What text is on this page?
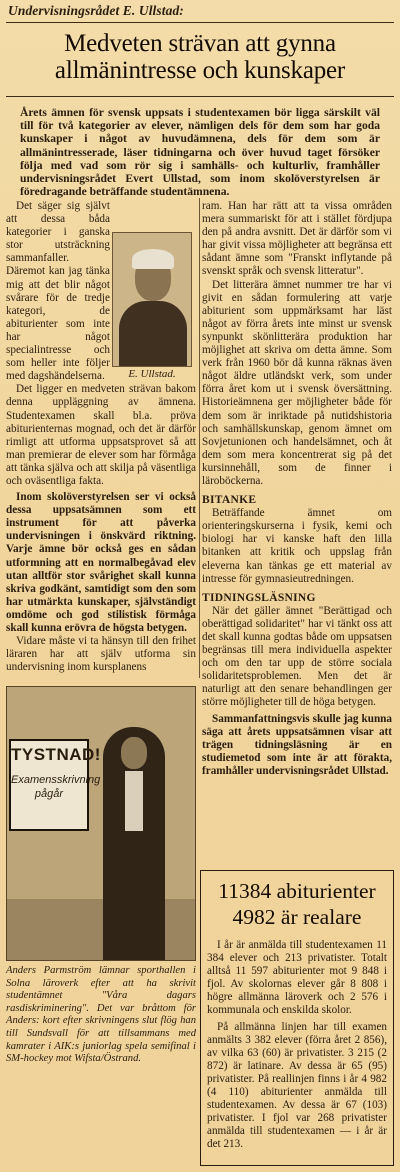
Undervisningsrådet E. Ullstad:
Medveten strävan att gynna
allmänintresse och kunskaper

Årets ämnen för svensk uppsats i studentexamen bör ligga särskilt väl till för två kategorier av elever, nämligen dels för dem som har goda kunskaper i något av huvudämnena, dels för dem som är allmänintresserade, läser tidningarna och över huvud taget försöker följa med vad som rör sig i samhälls- och kulturliv, framhåller undervisningsrådet Evert Ullstad, som inom skolöverstyrelsen är föredragande beträffande studentämnena.

Det säger sig självt att dessa båda kategorier i ganska stor utsträckning sammanfaller. Däremot kan jag tänka mig att det blir något svårare för de tredje kategori, de abiturienter som inte har något specialintresse och som heller inte följer med dagshändelserna.

Det ligger en medveten strävan bakom denna uppläggning av ämnena. Studentexamen skall bl.a. pröva abiturienternas mognad, och det är därför rimligt att utforma uppsatsprovet så att man premierar de elever som har förmåga att tänka själva och att skilja på väsentliga och oväsentliga fakta.

Inom skolöverstyrelsen ser vi också dessa uppsatsämnen som ett instrument för att påverka undervisningen i önskvärd riktning. Varje ämne bör också ges en sådan utformning att en normalbegåvad elev utan alltför stor svårighet skall kunna skriva godkänt, samtidigt som den som har utmärkta kunskaper, självständigt omdöme och god stilistisk förmåga skall kunna erövra de högsta betygen.

Vidare måste vi ta hänsyn till den frihet läraren har att själv utforma sin undervisning inom kursplanens

E. Ullstad.

ram. Han har rätt att ta vissa områden mera summariskt för att i stället fördjupa den på andra avsnitt. Det är därför som vi har givit vissa möjligheter att begränsa ett sådant ämne som "Franskt inflytande på svenskt språk och svensk litteratur".

Det litterära ämnet nummer tre har vi givit en sådan formulering att varje abiturient som uppmärksamt har läst något av förra årets inte minst ur svensk synpunkt skönlitterära produktion har möjlighet att skriva om detta ämne. Som verk från 1960 bör då kunna räknas även något äldre utländskt verk, som under förra året kom ut i svensk översättning. Historieämnena ger möjligheter både för dem som är inriktade på nutidshistoria och samhällskunskap, genom ämnet om Sovjetunionen och handelsämnet, och åt dem som mera koncentrerat sig på det kursinnehåll, som de finner i läroböckerna.

BITANKE

Beträffande ämnet om orienteringskurserna i fysik, kemi och biologi har vi kanske haft den lilla bitanken att kritik och uppslag från eleverna kan tänkas ge ett material av intresse för gymnasieutredningen.

TIDNINGSLÄSNING

När det gäller ämnet "Berättigad och oberättigad solidaritet" har vi tänkt oss att det skall kunna godtas både om uppsatsen begränsas till mera individuella aspekter och om den tar upp de större sociala solidaritetsproblemen. Men det är naturligt att den senare behandlingen ger större möjligheter till de höga betygen.

Sammanfattningsvis skulle jag kunna säga att årets uppsatsämnen visar att trägen tidningsläsning är en studiemetod som inte är att förakta, framhåller undervisningsrådet Ullstad.

TYSTNAD!
Examensskrivning
pågår

Anders Parmström lämnar sporthallen i Solna läroverk efter att ha skrivit studentämnet "Våra dagars rasdiskriminering". Det var bråttom för Anders: kort efter skrivningens slut flög han till Sundsvall för att tillsammans med kamrater i AIK:s juniorlag spela semifinal i SM-hockey mot Wifsta/Östrand.

11384 abiturienter
4982 är realare

I år är anmälda till studentexamen 11 384 elever och 213 privatister. Totalt alltså 11 597 abiturienter mot 9 848 i fjol. Av skolornas elever går 8 808 i högre allmänna läroverk och 2 576 i kommunala och enskilda skolor.

På allmänna linjen har till examen anmälts 3 382 elever (förra året 2 856), av vilka 63 (60) är privatister. 3 215 (2 872) är latinare. Av dessa är 65 (95) privatister. På reallinjen finns i år 4 982 (4 110) abiturienter anmälda till studentexamen. Av dessa är 67 (103) privatister. I fjol var 268 privatister anmälda till studentexamen — i år är det 213.
